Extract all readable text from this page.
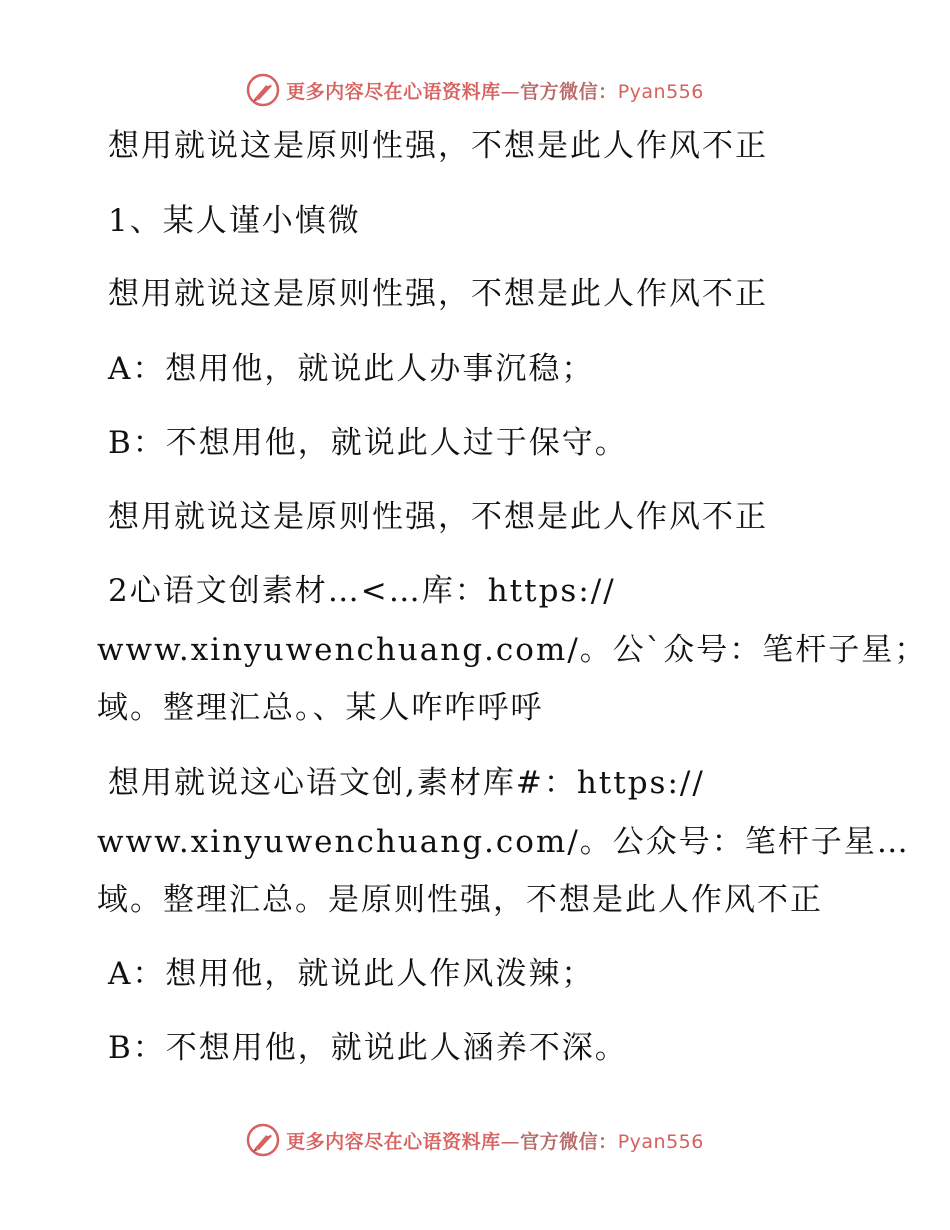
更多内容尽在心语资料库—官方微信：Pyan556
想用就说这是原则性强，不想是此人作风不正
1、某人谨小慎微
想用就说这是原则性强，不想是此人作风不正
A：想用他，就说此人办事沉稳；
B：不想用他，就说此人过于保守。
想用就说这是原则性强，不想是此人作风不正
2心语文创素材…<…库：https://
www.xinyuwenchuang.com/。公`众号：笔杆子星；
域。整理汇总。、某人咋咋呼呼
想用就说这心语文创,素材库#：https://
www.xinyuwenchuang.com/。公众号：笔杆子星…
域。整理汇总。是原则性强，不想是此人作风不正
A：想用他，就说此人作风泼辣；
B：不想用他，就说此人涵养不深。
更多内容尽在心语资料库—官方微信：Pyan556
